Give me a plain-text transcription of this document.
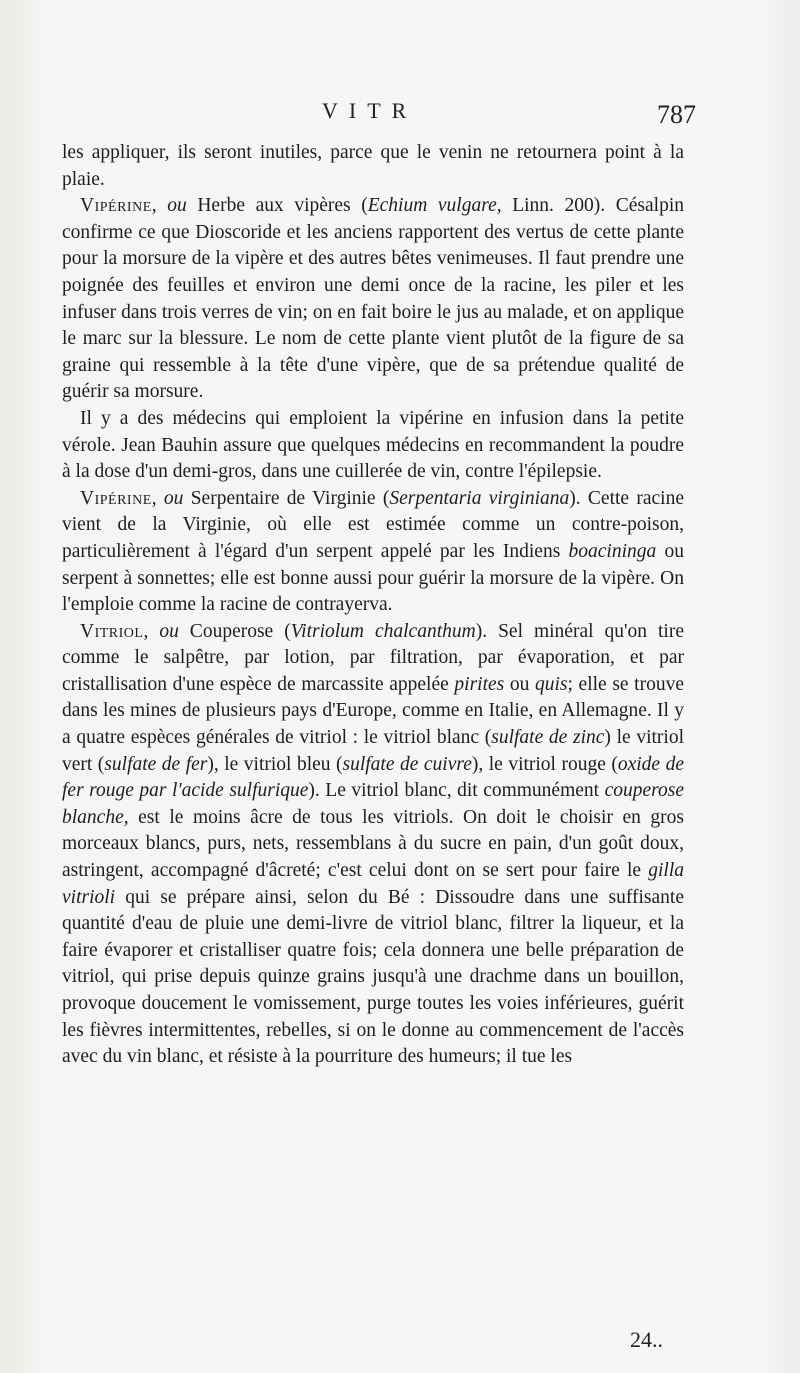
VITR	787

les appliquer, ils seront inutiles, parce que le venin ne retournera point à la plaie.

Vipérine, ou Herbe aux vipères (Echium vulgare, Linn. 200). Césalpin confirme ce que Dioscoride et les anciens rapportent des vertus de cette plante pour la morsure de la vipère et des autres bêtes venimeuses. Il faut prendre une poignée des feuilles et environ une demi once de la racine, les piler et les infuser dans trois verres de vin; on en fait boire le jus au malade, et on applique le marc sur la blessure. Le nom de cette plante vient plutôt de la figure de sa graine qui ressemble à la tête d'une vipère, que de sa prétendue qualité de guérir sa morsure.

Il y a des médecins qui emploient la vipérine en infusion dans la petite vérole. Jean Bauhin assure que quelques médecins en recommandent la poudre à la dose d'un demi-gros, dans une cuillerée de vin, contre l'épilepsie.

Vipérine, ou Serpentaire de Virginie (Serpentaria virginiana). Cette racine vient de la Virginie, où elle est estimée comme un contre-poison, particulièrement à l'égard d'un serpent appelé par les Indiens boacininga ou serpent à sonnettes; elle est bonne aussi pour guérir la morsure de la vipère. On l'emploie comme la racine de contrayerva.

Vitriol, ou Couperose (Vitriolum chalcanthum). Sel minéral qu'on tire comme le salpêtre, par lotion, par filtration, par évaporation, et par cristallisation d'une espèce de marcassite appelée pirites ou quis; elle se trouve dans les mines de plusieurs pays d'Europe, comme en Italie, en Allemagne. Il y a quatre espèces générales de vitriol : le vitriol blanc (sulfate de zinc) le vitriol vert (sulfate de fer), le vitriol bleu (sulfate de cuivre), le vitriol rouge (oxide de fer rouge par l'acide sulfurique). Le vitriol blanc, dit communément couperose blanche, est le moins âcre de tous les vitriols. On doit le choisir en gros morceaux blancs, purs, nets, ressemblans à du sucre en pain, d'un goût doux, astringent, accompagné d'âcreté; c'est celui dont on se sert pour faire le gilla vitrioli qui se prépare ainsi, selon du Bé : Dissoudre dans une suffisante quantité d'eau de pluie une demi-livre de vitriol blanc, filtrer la liqueur, et la faire évaporer et cristalliser quatre fois; cela donnera une belle préparation de vitriol, qui prise depuis quinze grains jusqu'à une drachme dans un bouillon, provoque doucement le vomissement, purge toutes les voies inférieures, guérit les fièvres intermittentes, rebelles, si on le donne au commencement de l'accès avec du vin blanc, et résiste à la pourriture des humeurs; il tue les

24..
